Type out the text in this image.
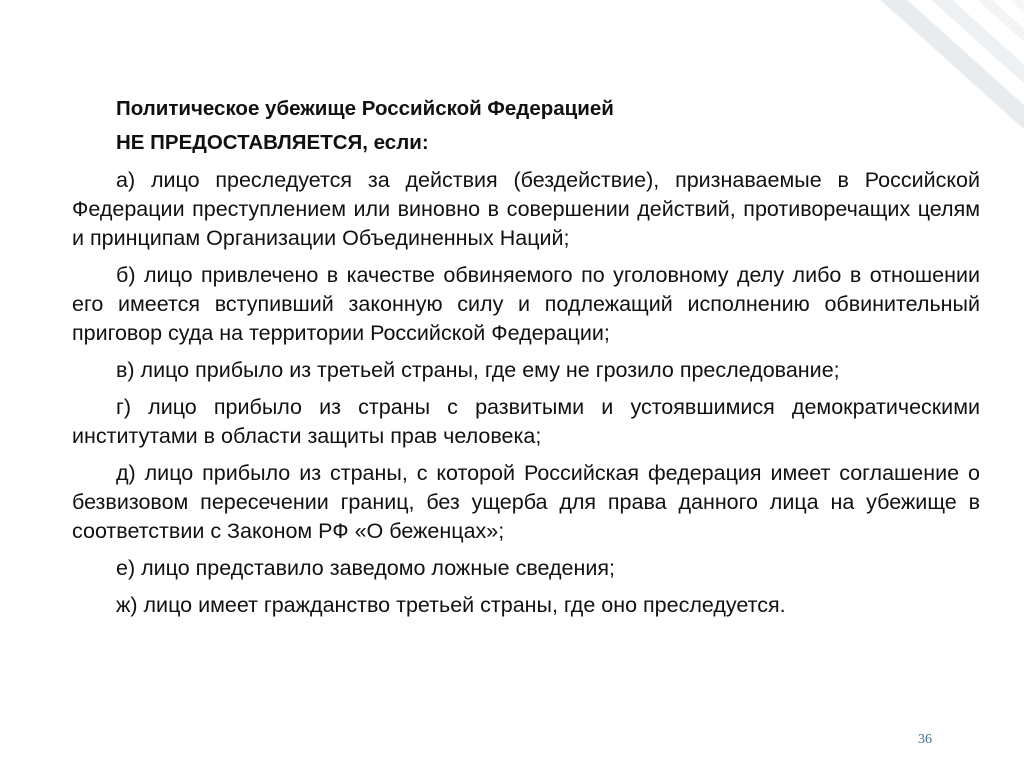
Политическое убежище Российской Федерацией
НЕ ПРЕДОСТАВЛЯЕТСЯ, если:

а) лицо преследуется за действия (бездействие), признаваемые в Российской Федерации преступлением или виновно в совершении действий, противоречащих целям и принципам Организации Объединенных Наций;

б) лицо привлечено в качестве обвиняемого по уголовному делу либо в отношении его имеется вступивший законную силу и подлежащий исполнению обвинительный приговор суда на территории Российской Федерации;

в) лицо прибыло из третьей страны, где ему не грозило преследование;

г) лицо прибыло из страны с развитыми и устоявшимися демократическими институтами в области защиты прав человека;

д) лицо прибыло из страны, с которой Российская федерация имеет соглашение о безвизовом пересечении границ, без ущерба для права данного лица на убежище в соответствии с Законом РФ «О беженцах»;

е) лицо представило заведомо ложные сведения;

ж) лицо имеет гражданство третьей страны, где оно преследуется.

36
